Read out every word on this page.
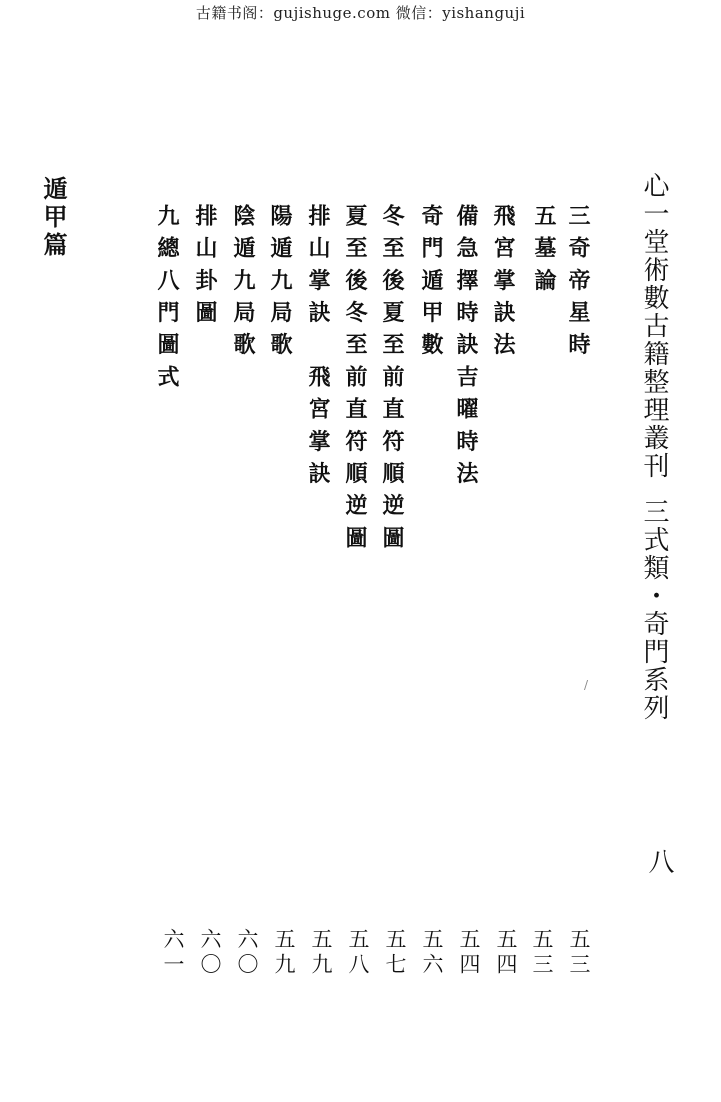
古籍书阁：gujishuge.com 微信：yishanguji
心一堂術數古籍整理叢刊三式類・奇門系列
八
遁甲篇	三奇帝星時
五墓論
飛宮掌訣法
備急擇時訣吉曜時法
奇門遁甲數
冬至後夏至前直符順逆圖
夏至後冬至前直符順逆圖
排山掌訣飛宮掌訣
陽遁九局歌
陰遁九局歌
排山卦圖
九總八門圖式
五三
五三
五四
五四
五六
五七
五八
五九
五九
六〇
六〇
六一
/
